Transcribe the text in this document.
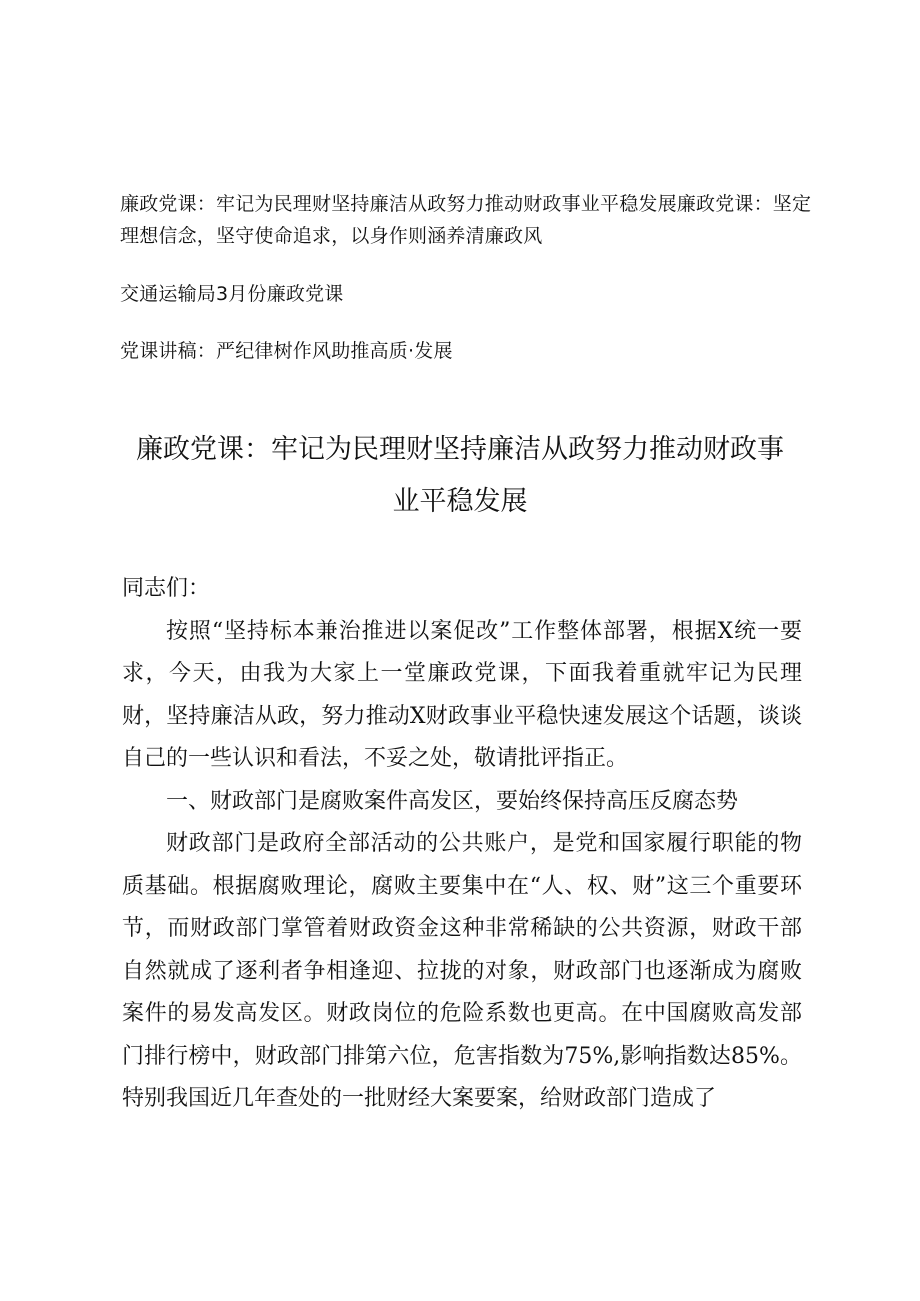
廉政党课：牢记为民理财坚持廉洁从政努力推动财政事业平稳发展廉政党课：坚定理想信念，坚守使命追求，以身作则涵养清廉政风
交通运输局3月份廉政党课
党课讲稿：严纪律树作风助推高质·发展
廉政党课：牢记为民理财坚持廉洁从政努力推动财政事
业平稳发展

同志们：

按照“坚持标本兼治推进以案促改”工作整体部署，根据X统一要求，今天，由我为大家上一堂廉政党课，下面我着重就牢记为民理财，坚持廉洁从政，努力推动X财政事业平稳快速发展这个话题，谈谈自己的一些认识和看法，不妥之处，敬请批评指正。

一、财政部门是腐败案件高发区，要始终保持高压反腐态势

财政部门是政府全部活动的公共账户，是党和国家履行职能的物质基础。根据腐败理论，腐败主要集中在“人、权、财”这三个重要环节，而财政部门掌管着财政资金这种非常稀缺的公共资源，财政干部自然就成了逐利者争相逢迎、拉拢的对象，财政部门也逐渐成为腐败案件的易发高发区。财政岗位的危险系数也更高。在中国腐败高发部门排行榜中，财政部门排第六位，危害指数为75%,影响指数达85%。特别我国近几年查处的一批财经大案要案，给财政部门造成了
